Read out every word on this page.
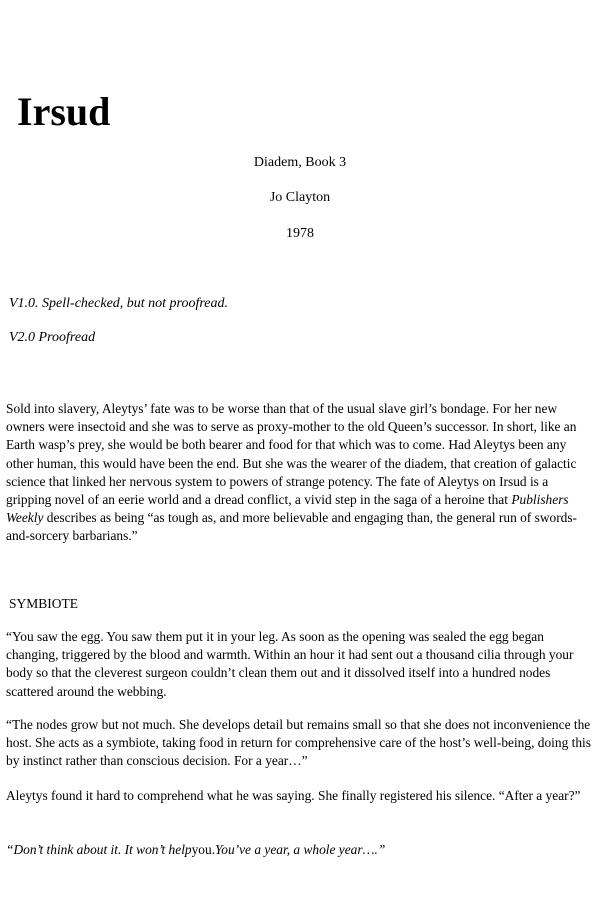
Irsud
Diadem, Book 3
Jo Clayton
1978
V1.0. Spell-checked, but not proofread.
V2.0 Proofread

Sold into slavery, Aleytys’ fate was to be worse than that of the usual slave girl’s bondage. For her new owners were insectoid and she was to serve as proxy-mother to the old Queen’s successor. In short, like an Earth wasp’s prey, she would be both bearer and food for that which was to come. Had Aleytys been any other human, this would have been the end. But she was the wearer of the diadem, that creation of galactic science that linked her nervous system to powers of strange potency. The fate of Aleytys on Irsud is a gripping novel of an eerie world and a dread conflict, a vivid step in the saga of a heroine that Publishers Weekly describes as being “as tough as, and more believable and engaging than, the general run of swords-and-sorcery barbarians.”

SYMBIOTE

“You saw the egg. You saw them put it in your leg. As soon as the opening was sealed the egg began changing, triggered by the blood and warmth. Within an hour it had sent out a thousand cilia through your body so that the cleverest surgeon couldn’t clean them out and it dissolved itself into a hundred nodes scattered around the webbing.

“The nodes grow but not much. She develops detail but remains small so that she does not inconvenience the host. She acts as a symbiote, taking food in return for comprehensive care of the host’s well-being, doing this by instinct rather than conscious decision. For a year…”

Aleytys found it hard to comprehend what he was saying. She finally registered his silence. “After a year?”

“Don’t think about it. It won’t helpyou.You’ve a year, a whole year….”
